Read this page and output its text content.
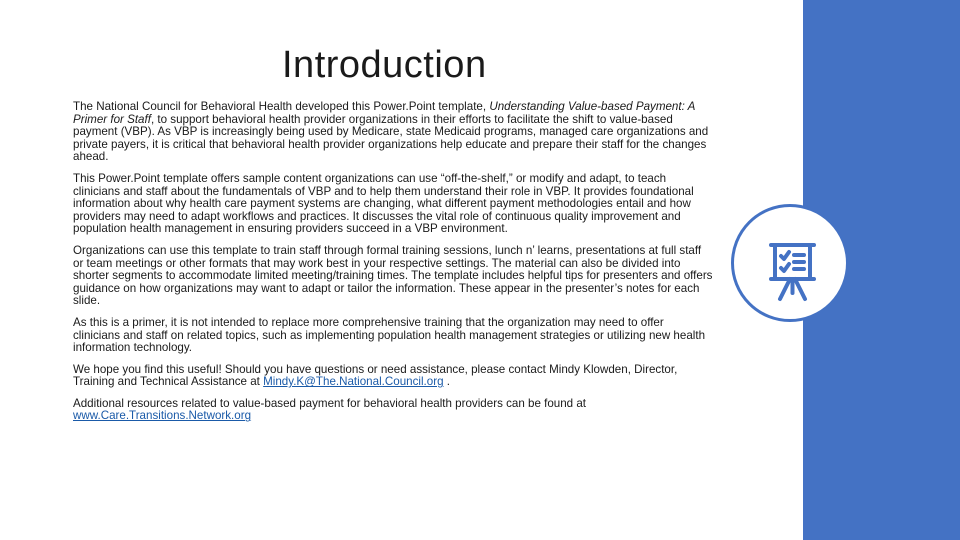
Introduction

The National Council for Behavioral Health developed this Power.Point template, Understanding Value-based Payment: A Primer for Staff, to support behavioral health provider organizations in their efforts to facilitate the shift to value-based payment (VBP). As VBP is increasingly being used by Medicare, state Medicaid programs, managed care organizations and private payers, it is critical that behavioral health provider organizations help educate and prepare their staff for the changes ahead.

This Power.Point template offers sample content organizations can use “off-the-shelf,” or modify and adapt, to teach clinicians and staff about the fundamentals of VBP and to help them understand their role in VBP. It provides foundational information about why health care payment systems are changing, what different payment methodologies entail and how providers may need to adapt workflows and practices. It discusses the vital role of continuous quality improvement and population health management in ensuring providers succeed in a VBP environment.

Organizations can use this template to train staff through formal training sessions, lunch n’ learns, presentations at full staff or team meetings or other formats that may work best in your respective settings. The material can also be divided into shorter segments to accommodate limited meeting/training times. The template includes helpful tips for presenters and offers guidance on how organizations may want to adapt or tailor the information. These appear in the presenter’s notes for each slide.

As this is a primer, it is not intended to replace more comprehensive training that the organization may need to offer clinicians and staff on related topics, such as implementing population health management strategies or utilizing new health information technology.

We hope you find this useful! Should you have questions or need assistance, please contact Mindy Klowden, Director, Training and Technical Assistance at Mindy.K@The.National.Council.org .

Additional resources related to value-based payment for behavioral health providers can be found at www.Care.Transitions.Network.org
